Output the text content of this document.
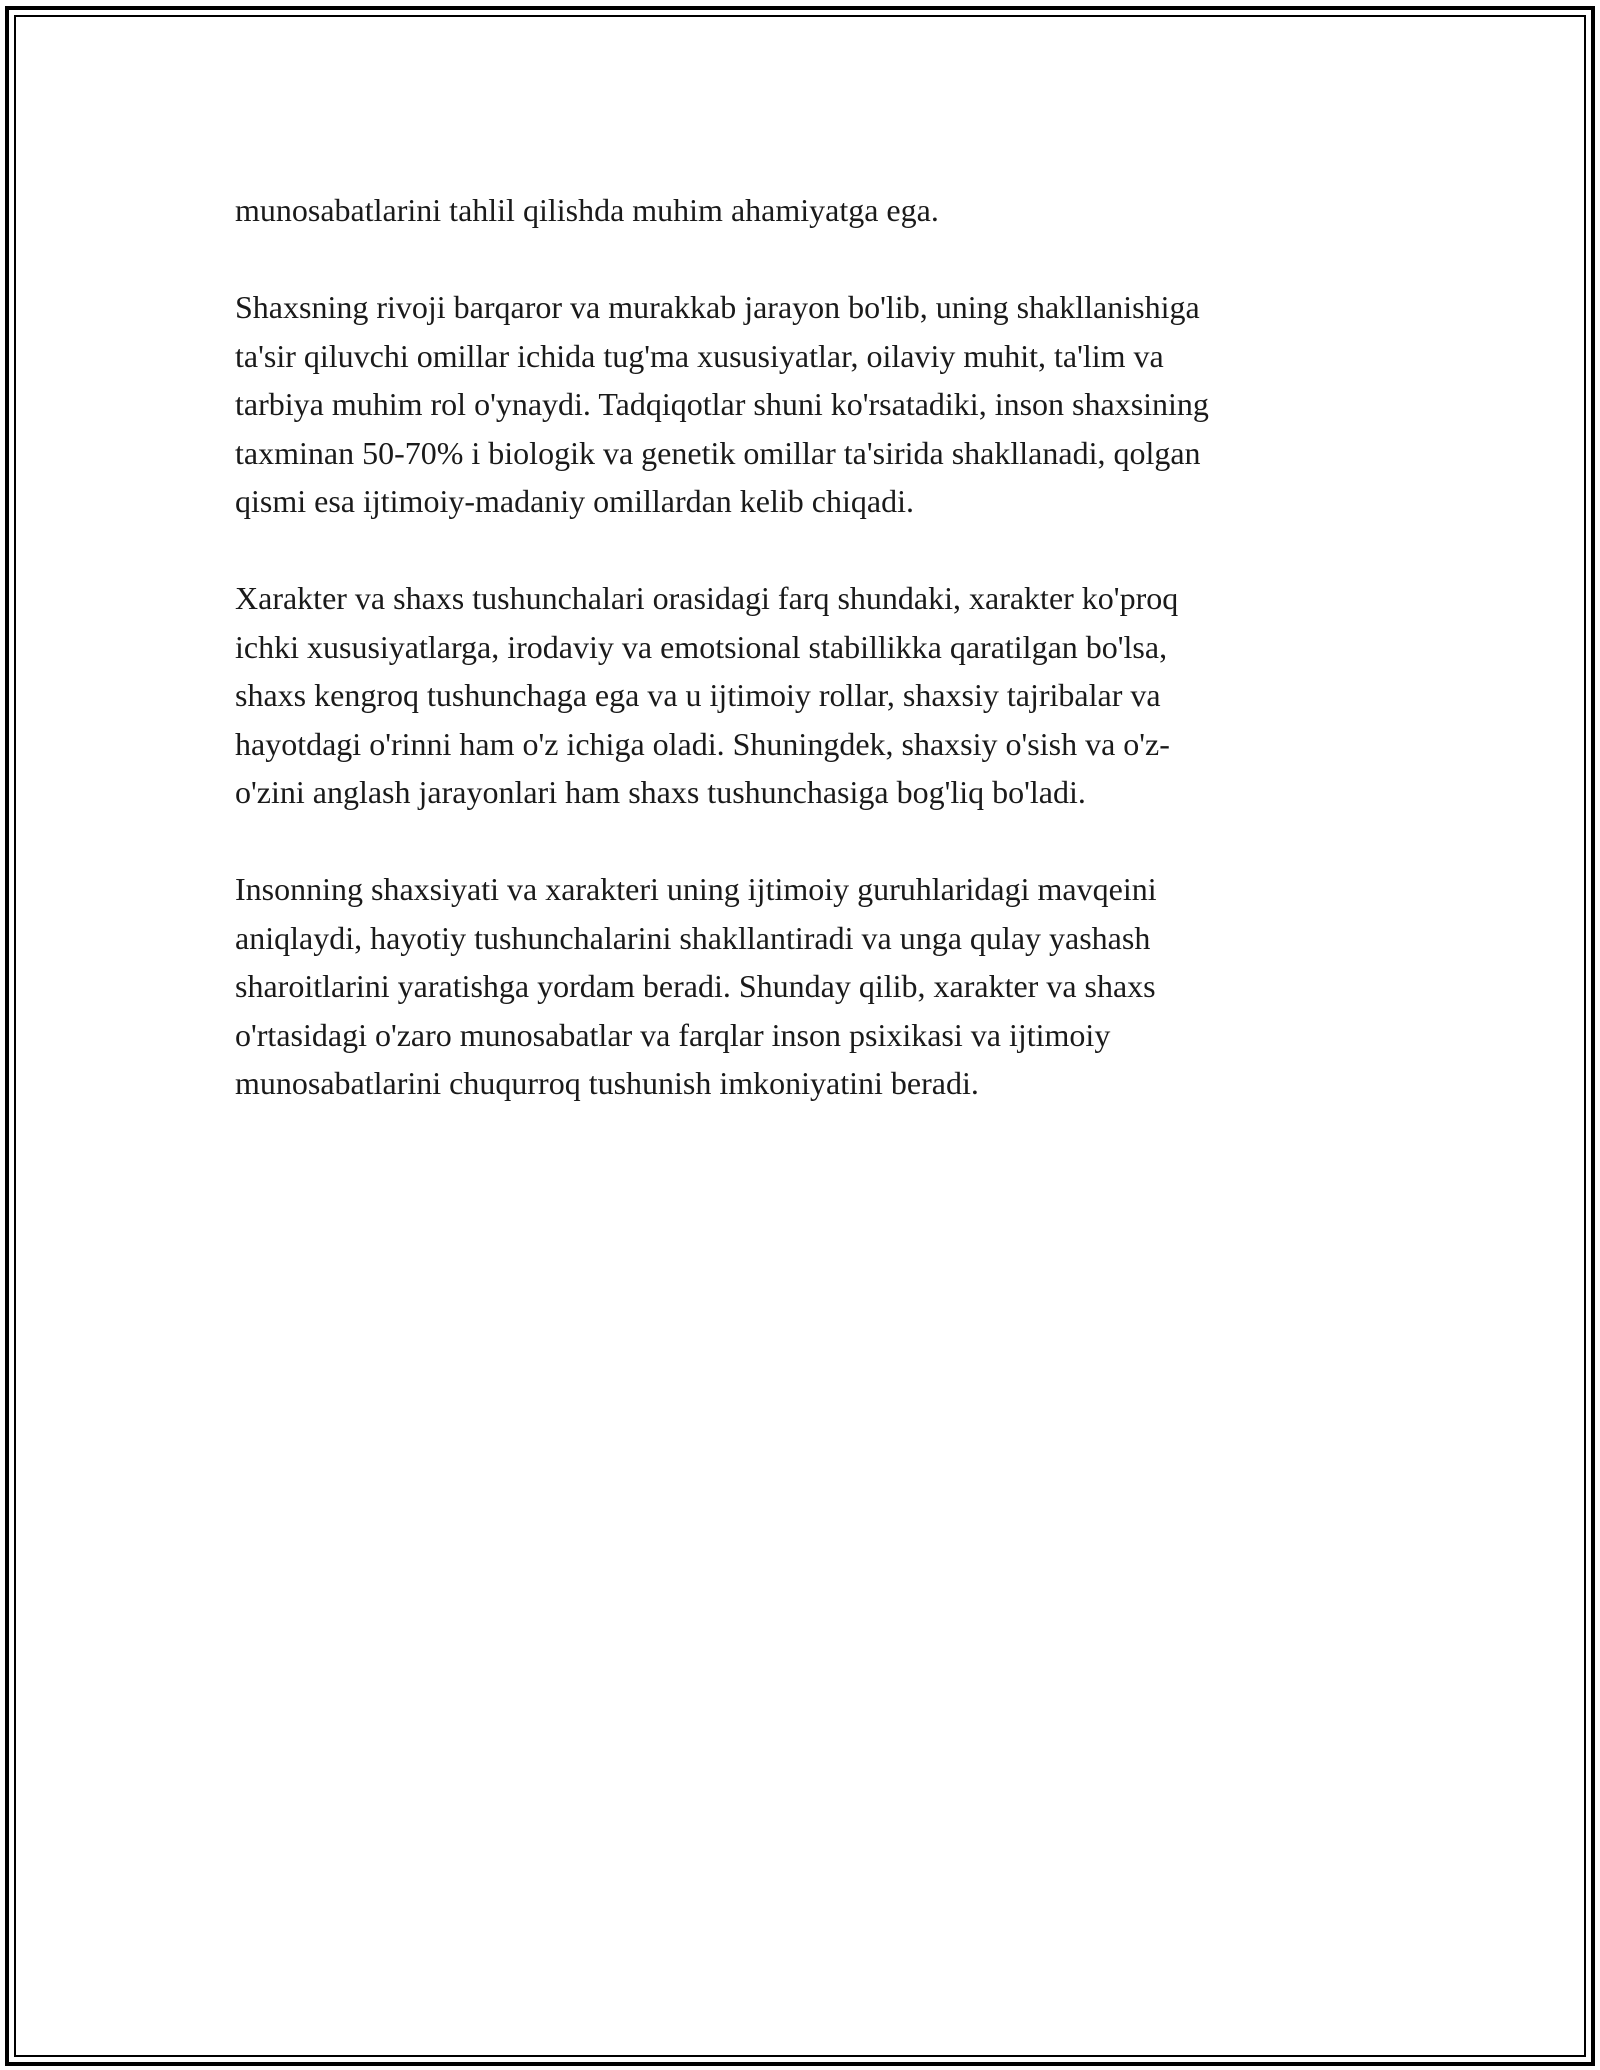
munosabatlarini tahlil qilishda muhim ahamiyatga ega.

Shaxsning rivoji barqaror va murakkab jarayon bo'lib, uning shakllanishiga
ta'sir qiluvchi omillar ichida tug'ma xususiyatlar, oilaviy muhit, ta'lim va
tarbiya muhim rol o'ynaydi. Tadqiqotlar shuni ko'rsatadiki, inson shaxsining
taxminan 50-70% i biologik va genetik omillar ta'sirida shakllanadi, qolgan
qismi esa ijtimoiy-madaniy omillardan kelib chiqadi.

Xarakter va shaxs tushunchalari orasidagi farq shundaki, xarakter ko'proq
ichki xususiyatlarga, irodaviy va emotsional stabillikka qaratilgan bo'lsa,
shaxs kengroq tushunchaga ega va u ijtimoiy rollar, shaxsiy tajribalar va
hayotdagi o'rinni ham o'z ichiga oladi. Shuningdek, shaxsiy o'sish va o'z-
o'zini anglash jarayonlari ham shaxs tushunchasiga bog'liq bo'ladi.

Insonning shaxsiyati va xarakteri uning ijtimoiy guruhlaridagi mavqeini
aniqlaydi, hayotiy tushunchalarini shakllantiradi va unga qulay yashash
sharoitlarini yaratishga yordam beradi. Shunday qilib, xarakter va shaxs
o'rtasidagi o'zaro munosabatlar va farqlar inson psixikasi va ijtimoiy
munosabatlarini chuqurroq tushunish imkoniyatini beradi.
